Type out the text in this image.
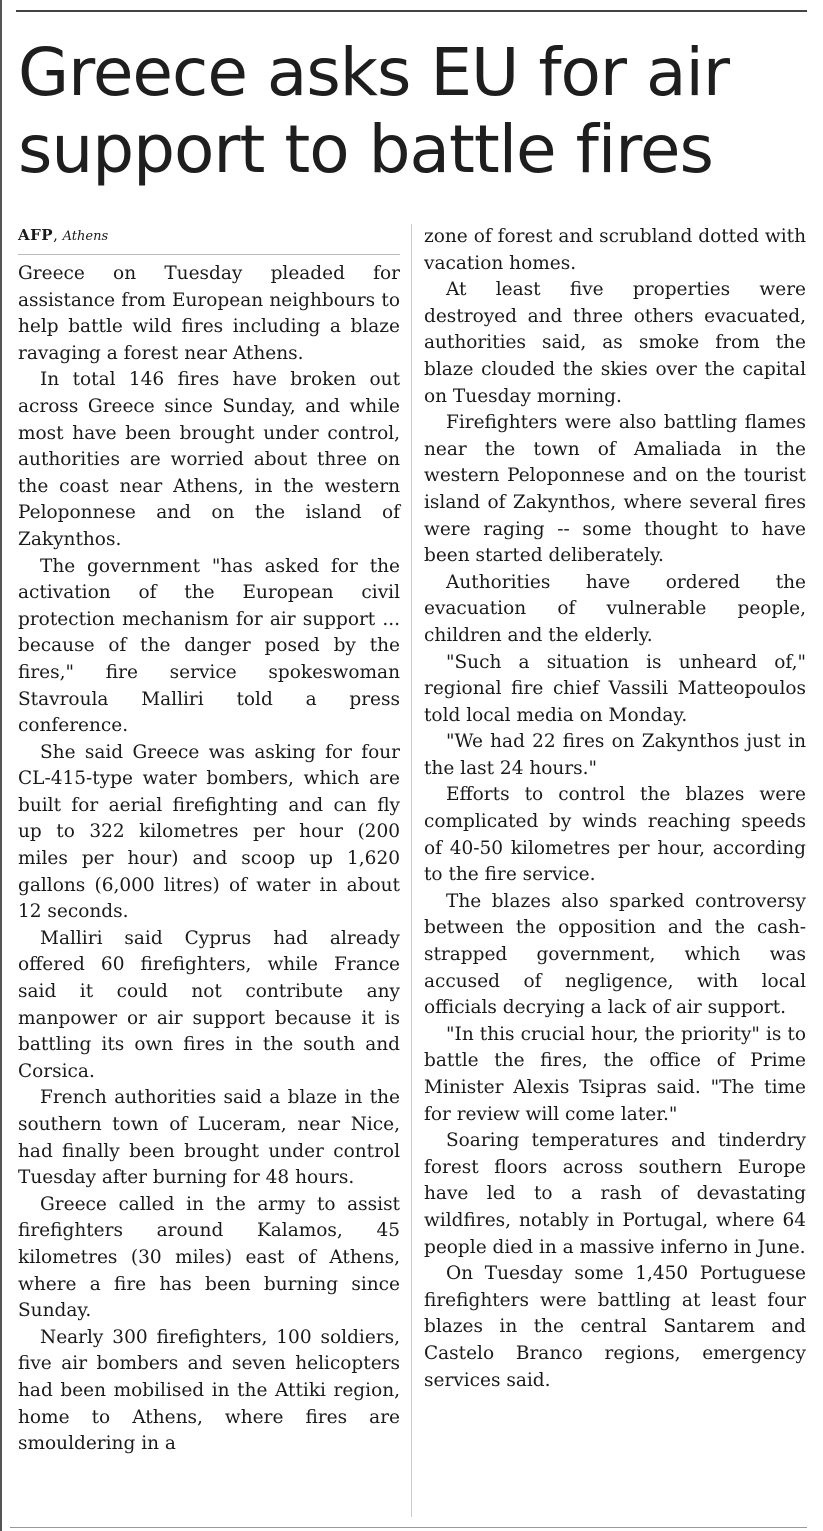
Greece asks EU for air support to battle fires
AFP, Athens

Greece on Tuesday pleaded for assistance from European neighbours to help battle wild fires including a blaze ravaging a forest near Athens.

In total 146 fires have broken out across Greece since Sunday, and while most have been brought under control, authorities are worried about three on the coast near Athens, in the western Peloponnese and on the island of Zakynthos.

The government "has asked for the activation of the European civil protection mechanism for air support ... because of the danger posed by the fires," fire service spokeswoman Stavroula Malliri told a press conference.

She said Greece was asking for four CL-415-type water bombers, which are built for aerial firefighting and can fly up to 322 kilometres per hour (200 miles per hour) and scoop up 1,620 gallons (6,000 litres) of water in about 12 seconds.

Malliri said Cyprus had already offered 60 firefighters, while France said it could not contribute any manpower or air support because it is battling its own fires in the south and Corsica.

French authorities said a blaze in the southern town of Luceram, near Nice, had finally been brought under control Tuesday after burning for 48 hours.

Greece called in the army to assist firefighters around Kalamos, 45 kilometres (30 miles) east of Athens, where a fire has been burning since Sunday.

Nearly 300 firefighters, 100 soldiers, five air bombers and seven helicopters had been mobilised in the Attiki region, home to Athens, where fires are smouldering in a

zone of forest and scrubland dotted with vacation homes.

At least five properties were destroyed and three others evacuated, authorities said, as smoke from the blaze clouded the skies over the capital on Tuesday morning.

Firefighters were also battling flames near the town of Amaliada in the western Peloponnese and on the tourist island of Zakynthos, where several fires were raging -- some thought to have been started deliberately.

Authorities have ordered the evacuation of vulnerable people, children and the elderly.

"Such a situation is unheard of," regional fire chief Vassili Matteopoulos told local media on Monday.

"We had 22 fires on Zakynthos just in the last 24 hours."

Efforts to control the blazes were complicated by winds reaching speeds of 40-50 kilometres per hour, according to the fire service.

The blazes also sparked controversy between the opposition and the cash-strapped government, which was accused of negligence, with local officials decrying a lack of air support.

"In this crucial hour, the priority" is to battle the fires, the office of Prime Minister Alexis Tsipras said. "The time for review will come later."

Soaring temperatures and tinderdry forest floors across southern Europe have led to a rash of devastating wildfires, notably in Portugal, where 64 people died in a massive inferno in June.

On Tuesday some 1,450 Portuguese firefighters were battling at least four blazes in the central Santarem and Castelo Branco regions, emergency services said.
